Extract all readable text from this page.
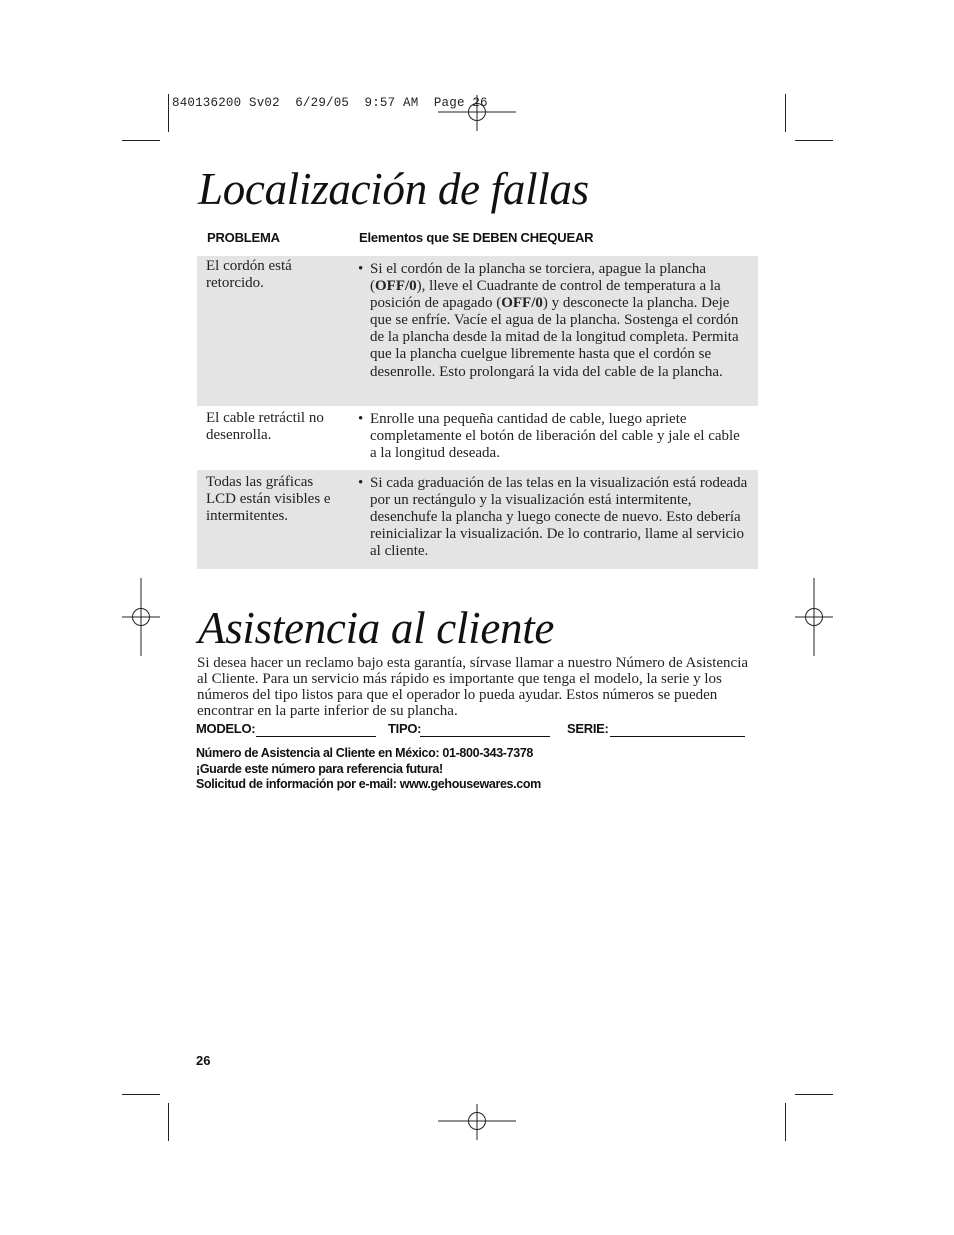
840136200 Sv02  6/29/05  9:57 AM  Page 26
Localización de fallas
PROBLEMA	Elementos que SE DEBEN CHEQUEAR
El cordón está retorcido.
• Si el cordón de la plancha se torciera, apague la plancha (OFF/0), lleve el Cuadrante de control de temperatura a la posición de apagado (OFF/0) y desconecte la plancha. Deje que se enfríe. Vacíe el agua de la plancha. Sostenga el cordón de la plancha desde la mitad de la longitud completa. Permita que la plancha cuelgue libremente hasta que el cordón se desenrolle. Esto prolongará la vida del cable de la plancha.
El cable retráctil no desenrolla.
• Enrolle una pequeña cantidad de cable, luego apriete completamente el botón de liberación del cable y jale el cable a la longitud deseada.
Todas las gráficas LCD están visibles e intermitentes.
• Si cada graduación de las telas en la visualización está rodeada por un rectángulo y la visualización está intermitente, desenchufe la plancha y luego conecte de nuevo. Esto debería reinicializar la visualización. De lo contrario, llame al servicio al cliente.
Asistencia al cliente
Si desea hacer un reclamo bajo esta garantía, sírvase llamar a nuestro Número de Asistencia al Cliente. Para un servicio más rápido es importante que tenga el modelo, la serie y los números del tipo listos para que el operador lo pueda ayudar. Estos números se pueden encontrar en la parte inferior de su plancha.
MODELO:	TIPO:	SERIE:
Número de Asistencia al Cliente en México: 01-800-343-7378
¡Guarde este número para referencia futura!
Solicitud de información por e-mail: www.gehousewares.com
26
